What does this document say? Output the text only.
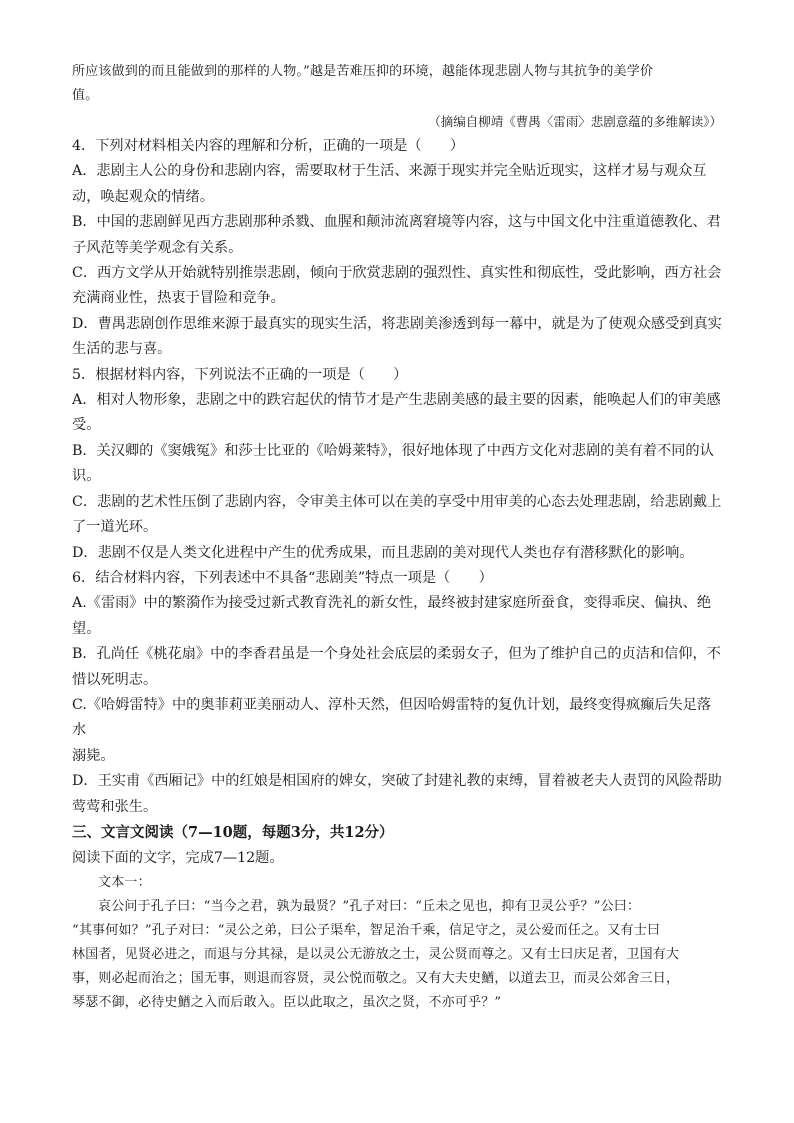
所应该做到的而且能做到的那样的人物。”越是苦难压抑的环境，越能体现悲剧人物与其抗争的美学价

值。

（摘编自柳靖《曹禺〈雷雨〉悲剧意蕴的多维解读》）

4．下列对材料相关内容的理解和分析，正确的一项是（　　）

A．悲剧主人公的身份和悲剧内容，需要取材于生活、来源于现实并完全贴近现实，这样才易与观众互

动，唤起观众的情绪。

B．中国的悲剧鲜见西方悲剧那种杀戮、血腥和颠沛流离窘境等内容，这与中国文化中注重道德教化、君

子风范等美学观念有关系。

C．西方文学从开始就特别推崇悲剧，倾向于欣赏悲剧的强烈性、真实性和彻底性，受此影响，西方社会

充满商业性，热衷于冒险和竞争。

D．曹禺悲剧创作思维来源于最真实的现实生活，将悲剧美渗透到每一幕中，就是为了使观众感受到真实

生活的悲与喜。

5．根据材料内容，下列说法不正确的一项是（　　）

A．相对人物形象，悲剧之中的跌宕起伏的情节才是产生悲剧美感的最主要的因素，能唤起人们的审美感

受。

B．关汉卿的《窦娥冤》和莎士比亚的《哈姆莱特》，很好地体现了中西方文化对悲剧的美有着不同的认

识。

C．悲剧的艺术性压倒了悲剧内容，令审美主体可以在美的享受中用审美的心态去处理悲剧，给悲剧戴上

了一道光环。

D．悲剧不仅是人类文化进程中产生的优秀成果，而且悲剧的美对现代人类也存有潜移默化的影响。

6．结合材料内容，下列表述中不具备“悲剧美”特点一项是（　　）

A.《雷雨》中的繁漪作为接受过新式教育洗礼的新女性，最终被封建家庭所蚕食，变得乖戾、偏执、绝

望。

B．孔尚任《桃花扇》中的李香君虽是一个身处社会底层的柔弱女子，但为了维护自己的贞洁和信仰，不

惜以死明志。

C.《哈姆雷特》中的奥菲莉亚美丽动人、淳朴天然，但因哈姆雷特的复仇计划，最终变得疯癫后失足落水

溺毙。

D．王实甫《西厢记》中的红娘是相国府的婢女，突破了封建礼教的束缚，冒着被老夫人责罚的风险帮助

莺莺和张生。

三、文言文阅读（7—10题，每题3分，共12分）

阅读下面的文字，完成7—12题。

文本一：

哀公问于孔子曰：“当今之君，孰为最贤？”孔子对曰：“丘未之见也，抑有卫灵公乎？”公曰：

“其事何如？”孔子对曰：“灵公之弟，曰公子渠牟，智足治千乘，信足守之，灵公爱而任之。又有士曰

林国者，见贤必进之，而退与分其禄，是以灵公无游放之士，灵公贤而尊之。又有士曰庆足者，卫国有大

事，则必起而治之；国无事，则退而容贤，灵公悦而敬之。又有大夫史鰌，以道去卫，而灵公郊舍三日，

琴瑟不御，必待史鰌之入而后敢入。臣以此取之，虽次之贤，不亦可乎？”
